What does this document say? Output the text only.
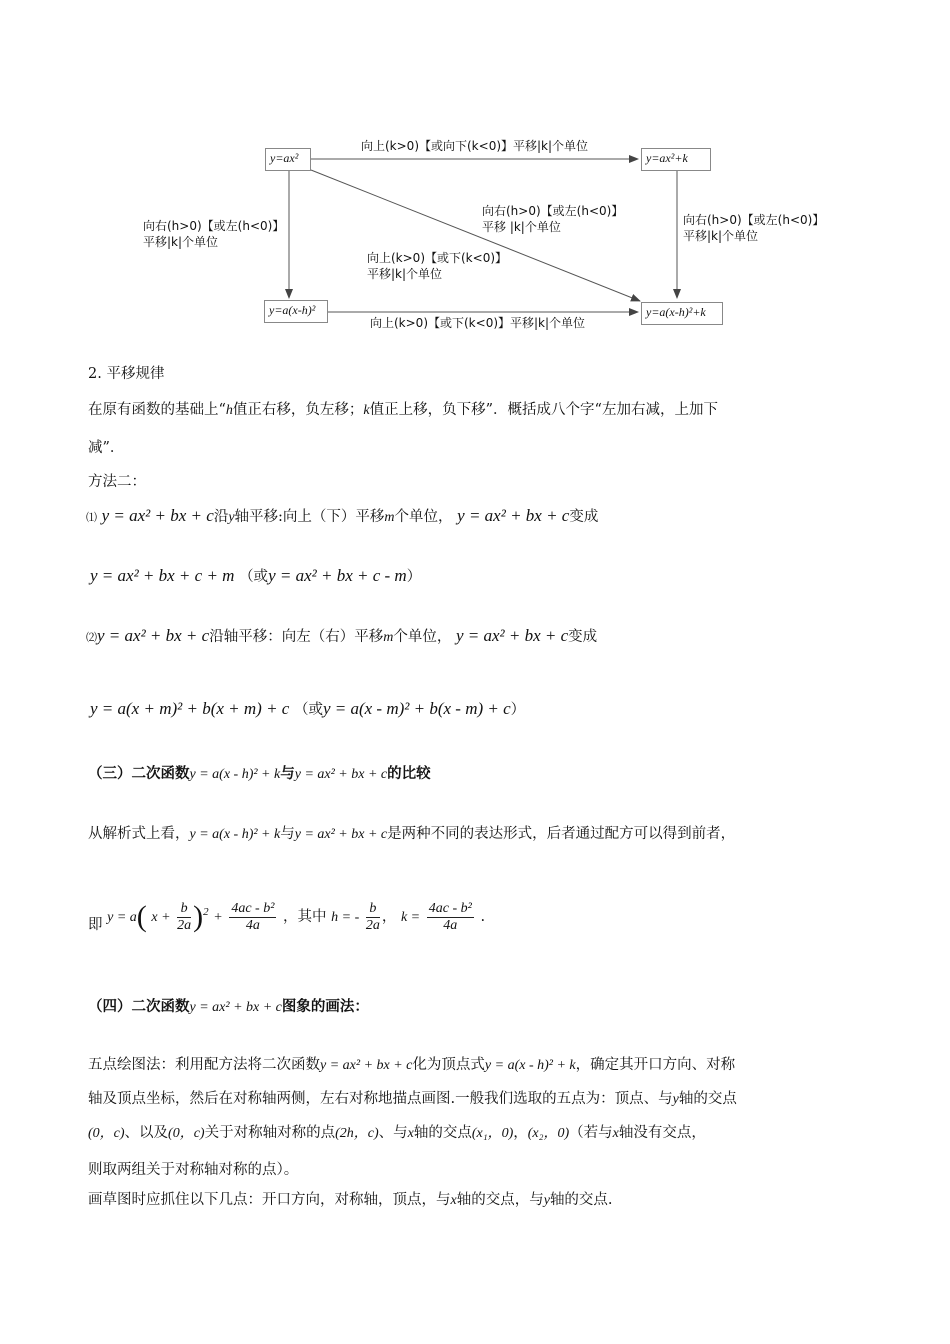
y=ax²	y=ax²+k
y=a(x-h)²	y=a(x-h)²+k
向上(k>0)【或向下(k<0)】平移|k|个单位
向右(h>0)【或左(h<0)】
平移|k|个单位
向右(h>0)【或左(h<0)】
平移 |k|个单位
向上(k>0)【或下(k<0)】
平移|k|个单位
向右(h>0)【或左(h<0)】
平移|k|个单位
向上(k>0)【或下(k<0)】平移|k|个单位
2. 平移规律
在原有函数的基础上“h值正右移，负左移；k值正上移，负下移”．概括成八个字“左加右减，上加下
减”．
方法二：
⑴ y = ax² + bx + c沿y轴平移:向上（下）平移m个单位， y = ax² + bx + c变成
y = ax² + bx + c + m （或y = ax² + bx + c - m）
⑵y = ax² + bx + c沿轴平移：向左（右）平移m个单位， y = ax² + bx + c变成
y = a(x + m)² + b(x + m) + c （或y = a(x - m)² + b(x - m) + c）
（三）二次函数y = a(x - h)² + k与y = ax² + bx + c的比较
从解析式上看，y = a(x - h)² + k与y = ax² + bx + c是两种不同的表达形式，后者通过配方可以得到前者，
即 y = a( $x + \frac{b}{2a} )^2 + \frac{\text{4ac - b²}}{4a}$ ，其中 h = - $\frac{b}{2a}$ ， $k = \frac{\text{4ac - b²}}{4a}$ .
（四）二次函数y = ax² + bx + c图象的画法：
五点绘图法：利用配方法将二次函数y = ax² + bx + c化为顶点式y = a(x - h)² + k，确定其开口方向、对称
轴及顶点坐标，然后在对称轴两侧，左右对称地描点画图.一般我们选取的五点为：顶点、与y轴的交点
(0，c)、以及(0，c)关于对称轴对称的点(2h，c)、与x轴的交点(x₁，0)，(x₂，0)（若与x轴没有交点，
则取两组关于对称轴对称的点）。
画草图时应抓住以下几点：开口方向，对称轴，顶点，与x轴的交点，与y轴的交点.
